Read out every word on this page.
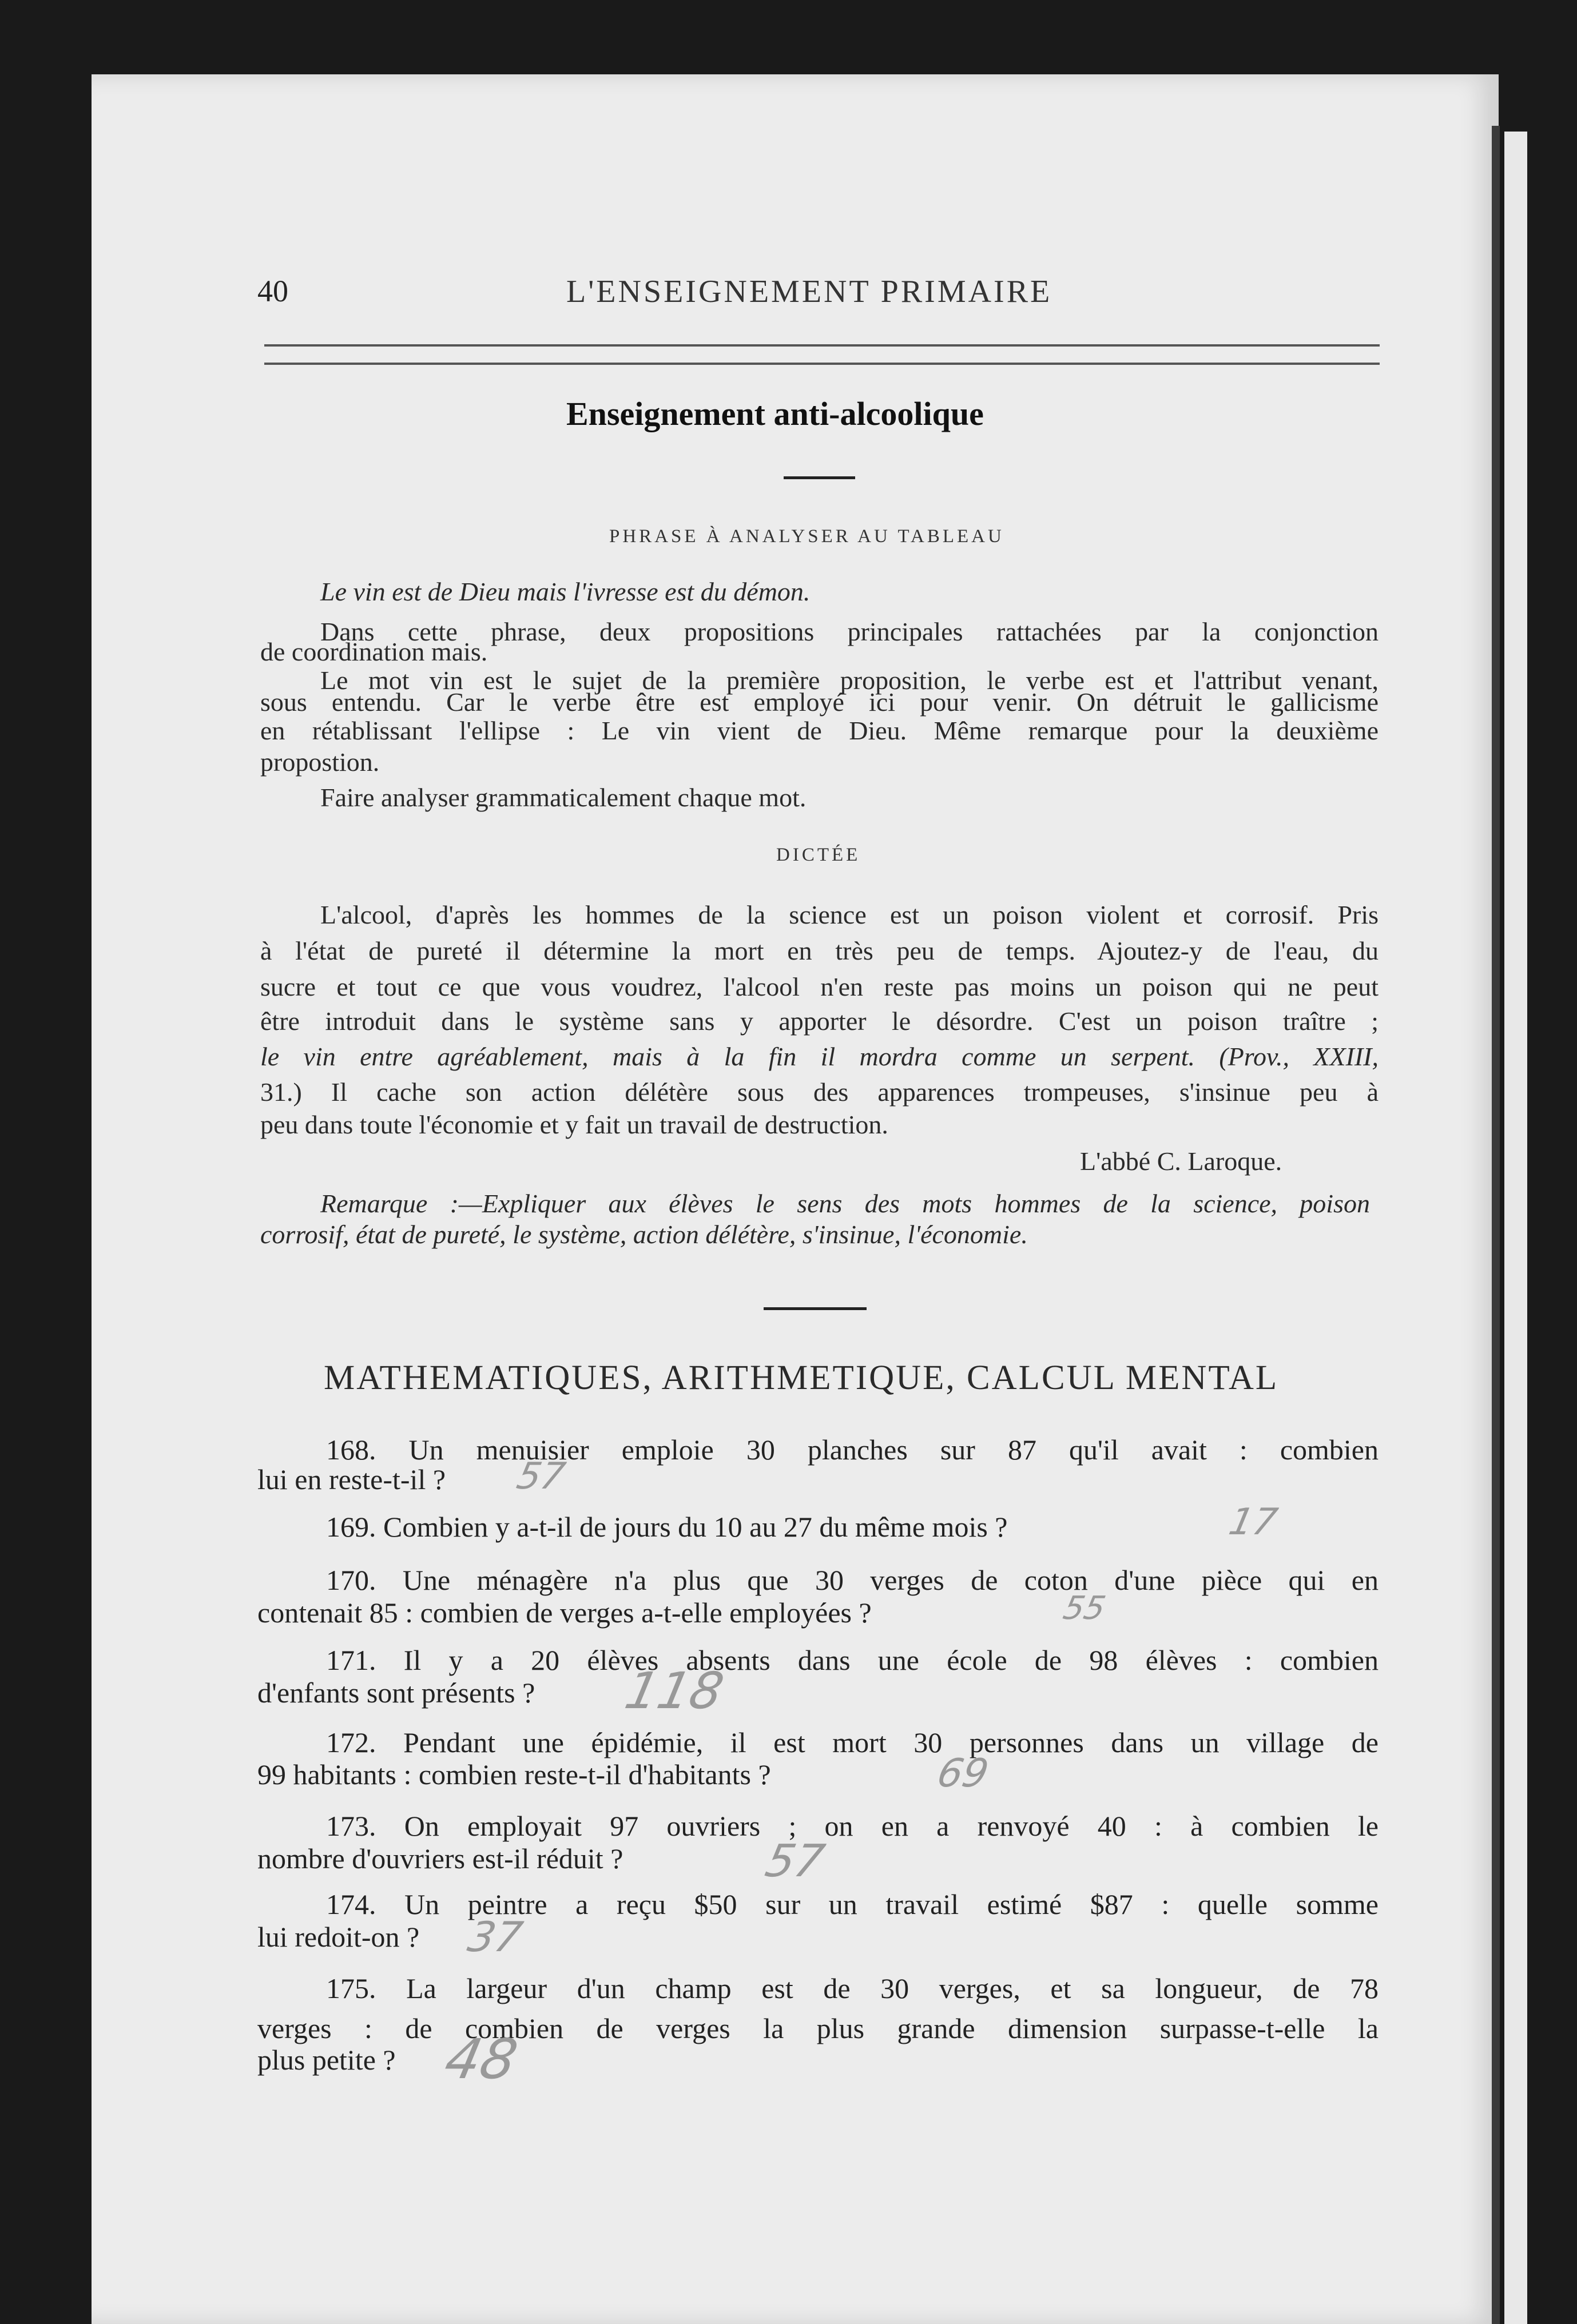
40	L'ENSEIGNEMENT PRIMAIRE
Enseignement anti-alcoolique
PHRASE À ANALYSER AU TABLEAU
Le vin est de Dieu mais l'ivresse est du démon.
Dans cette phrase, deux propositions principales rattachées par la conjonction
de coordination mais.
Le mot vin est le sujet de la première proposition, le verbe est et l'attribut venant,
sous entendu. Car le verbe être est employé ici pour venir. On détruit le gallicisme
en rétablissant l'ellipse : Le vin vient de Dieu. Même remarque pour la deuxième
propostion.
Faire analyser grammaticalement chaque mot.
DICTÉE
L'alcool, d'après les hommes de la science est un poison violent et corrosif. Pris
à l'état de pureté il détermine la mort en très peu de temps. Ajoutez-y de l'eau, du
sucre et tout ce que vous voudrez, l'alcool n'en reste pas moins un poison qui ne peut
être introduit dans le système sans y apporter le désordre. C'est un poison traître ;
le vin entre agréablement, mais à la fin il mordra comme un serpent. (Prov., XXIII,
31.) Il cache son action délétère sous des apparences trompeuses, s'insinue peu à
peu dans toute l'économie et y fait un travail de destruction.
L'abbé C. Laroque.
Remarque :—Expliquer aux élèves le sens des mots hommes de la science, poison
corrosif, état de pureté, le système, action délétère, s'insinue, l'économie.
MATHEMATIQUES, ARITHMETIQUE, CALCUL MENTAL
168. Un menuisier emploie 30 planches sur 87 qu'il avait : combien
lui en reste-t-il ? 57
169. Combien y a-t-il de jours du 10 au 27 du même mois ?	17
170. Une ménagère n'a plus que 30 verges de coton d'une pièce qui en
contenait 85 : combien de verges a-t-elle employées ?	55
171. Il y a 20 élèves absents dans une école de 98 élèves : combien
d'enfants sont présents ? 118
172. Pendant une épidémie, il est mort 30 personnes dans un village de
99 habitants : combien reste-t-il d'habitants ?	69
173. On employait 97 ouvriers ; on en a renvoyé 40 : à combien le
nombre d'ouvriers est-il réduit ?	57
174. Un peintre a reçu $50 sur un travail estimé $87 : quelle somme
lui redoit-on ? 37
175. La largeur d'un champ est de 30 verges, et sa longueur, de 78
verges : de combien de verges la plus grande dimension surpasse-t-elle la
plus petite ? 48
